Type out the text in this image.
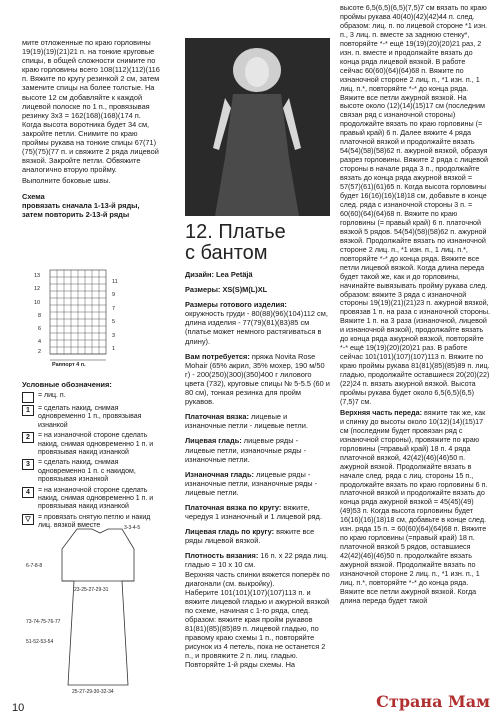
мите отложенные по краю горловины 19(19)(19)(21)21 п. на тонкие круговые спицы, в общей сложности снимите по краю горловины всего 108(112)(112)(116 п. Вяжите по кругу резинкой 2 см, затем замените спицы на более толстые. На высоте 12 см добавляйте к каждой лицевой полоске по 1 п., провязывая резинку 3х3 = 162(168)(168)(174 п. Когда высота воротника будет 34 см, закройте петли. Снимите по краю проймы рукава на тонкие спицы 67(71)(75)(75)(77 п. и свяжите 2 ряда лицевой вязкой. Закройте петли. Обвяжите аналогично вторую пройму.

Выполните боковые швы.

Схема

провязать сначала 1-13-й ряды, затем повторить 2-13-й ряды

13
12
10
8
6
4
2
11
9
7
5
3
1
Раппорт 4 п.

Условные обозначения:

= лиц. п.
1	= сделать накид, снимая одновременно 1 п., провязывая изнанкой
2	= на изнаночной стороне сделать накид, снимая одновременно 1 п. и провязывая накид изнанкой
3	= сделать накид, снимая одновременно 1 п. с накидом, провязывая изнанкой
4	= на изнаночной стороне сделать накид, снимая одновременно 1 п. и провязывая накид изнанкой
▽	= провязать снятую петлю и накид лиц. вязкой вместе	3-3-4-5
6-7-8-8
23-25-27-29-31
73-74-75-76-77
51-52-53-54
25-27-29-30-32-34
12. Платье
с бантом

Дизайн: Lea Petäjä

Размеры: XS(S)M(L)XL

Размеры готового изделия:

окружность груди - 80(88)(96)(104)112 см, длина изделия - 77(79)(81)(83)85 см (платье может немного растягиваться в длину).

Вам потребуется: пряжа Novita Rose Mohair (65% акрил, 35% мохер, 190 м/50 г) - 200(250)(300)(350)400 г лилового цвета (732), круговые спицы № 5-5.5 (60 и 80 см), тонкая резинка для пройм рукавов.

Платочная вязка: лицевые и изнаночные петли - лицевые петли.

Лицевая гладь: лицевые ряды - лицевые петли, изнаночные ряды - изнаночные петли.

Изнаночная гладь: лицевые ряды - изнаночные петли, изнаночные ряды - лицевые петли.

Платочная вязка по кругу: вяжите, чередуя 1 изнаночный и 1 лицевой ряд.

Лицевая гладь по кругу: вяжите все ряды лицевой вязкой.

Плотность вязания: 16 п. х 22 ряда лиц. гладью = 10 х 10 см.

Верхняя часть спинки вяжется поперёк по диагонали (см. выкройку).

Наберите 101(101)(107)(107)113 п. и вяжите лицевой гладью и ажурной вязкой по схеме, начиная с 1-го ряда, след. образом: вяжите края пройм рукавов 81(81)(85)(85)89 п. лицевой гладью, по правому краю схемы 1 п., повторяйте рисунок из 4 петель, пока не останется 2 п., и провяжите 2 п. лиц. гладью. Повторяйте 1-й ряды схемы. На

высоте 6,5(6,5)(6,5)(7,5)7 см вязать по краю проймы рукава 40(40)(42)(42)44 п. след. образом: лиц. п. по лицевой стороне *1 изн. п., 3 лиц. п. вместе за заднюю стенку*, повторяйте *-* ещё 19(19)(20)(20)21 раз, 2 изн. п. вместе и продолжайте вязать до конца ряда лицевой вязкой. В работе сейчас 60(60)(64)(64)68 п. Вяжите по изнаночной стороне 2 лиц. п., *1 изн. п., 1 лиц. п.*, повторяйте *-* до конца ряда. Вяжите все петли ажурной вязкой. На высоте около (12)(14)(15)17 см (последним связан ряд с изнаночной стороны) продолжайте вязать по краю горловины (= правый край) 6 п. Далее вяжите 4 ряда платочной вязкой и продолжайте вязать 54(54)(58)(58)62 п. ажурной вязкой, образуя разрез горловины. Вяжите 2 ряда с лицевой стороны в начале ряда 3 п., продолжайте вязать до конца ряда ажурной вязкой = 57(57)(61)(61)65 п. Когда высота горловины будет 16(16)(16)(18)18 см, добавьте в конце след. ряда с изнаночной стороны 3 п. = 60(60)(64)(64)68 п. Вяжите по краю горловины (= правый край) 6 п. платочной вязкой 5 рядов. 54(54)(58)(58)62 п. ажурной вязкой. Продолжайте вязать по изнаночной стороне 2 лиц. п., *1 изн. п., 1 лиц. п.*, повторяйте *-* до конца ряда. Вяжите все петли лицевой вязкой. Когда длина переда будет такой же, как и до горловины, начинайте вывязывать пройму рукава след. образом: вяжите 3 ряда с изнаночной стороны 19(19)(21)(21)23 п. ажурной вязкой, провязав 1 п. на раза с изнаночной стороны. Вяжите 1 п. на 3 раза (изнаночной, лицевой и изнаночной вязкой), продолжайте вязать до конца ряда ажурной вязкой, повторяйте *-* ещё 19(19)(20)(20)21 раз. В работе сейчас 101(101)(107)(107)113 п. Вяжите по краю проймы рукава 81(81)(85)(85)89 п. лиц. гладью, продолжайте оставшиеся 20(20)(22)(22)24 п. вязать ажурной вязкой. Высота проймы рукава будет около 6,5(6,5)(6,5)(7,5)7 см.

Верхняя часть переда: вяжите так же, как и спинку до высоты около 10(12)(14)(15)17 см (последним будет провязан ряд с изнаночной стороны), провяжите по краю горловины (=правый край) 18 п. 4 ряда платочной вязкой, 42(42)(46)(46)50 п. ажурной вязкой. Продолжайте вязать в начале след. ряда с лиц. стороны 15 п., продолжайте вязать по краю горловины 6 п. платочной вязкой и продолжайте вязать до конца ряда ажурной вязкой = 45(45)(49)(49)53 п. Когда высота горловины будет 16(16)(16)(18)18 см, добавьте в конце след. изн. ряда 15 п. = 60(60)(64)(64)68 п. Вяжите по краю горловины (=правый край) 18 п. платочной вязкой 5 рядов, оставшиеся 42(42)(46)(46)50 п. продолжайте вязать ажурной вязкой. Продолжайте вязать по изнаночной стороне 2 лиц. п., *1 изн. п., 1 лиц. п.*, повторяйте *-* до конца ряда. Вяжите все петли ажурной вязкой. Когда длина переда будет такой

10	Страна Мам
